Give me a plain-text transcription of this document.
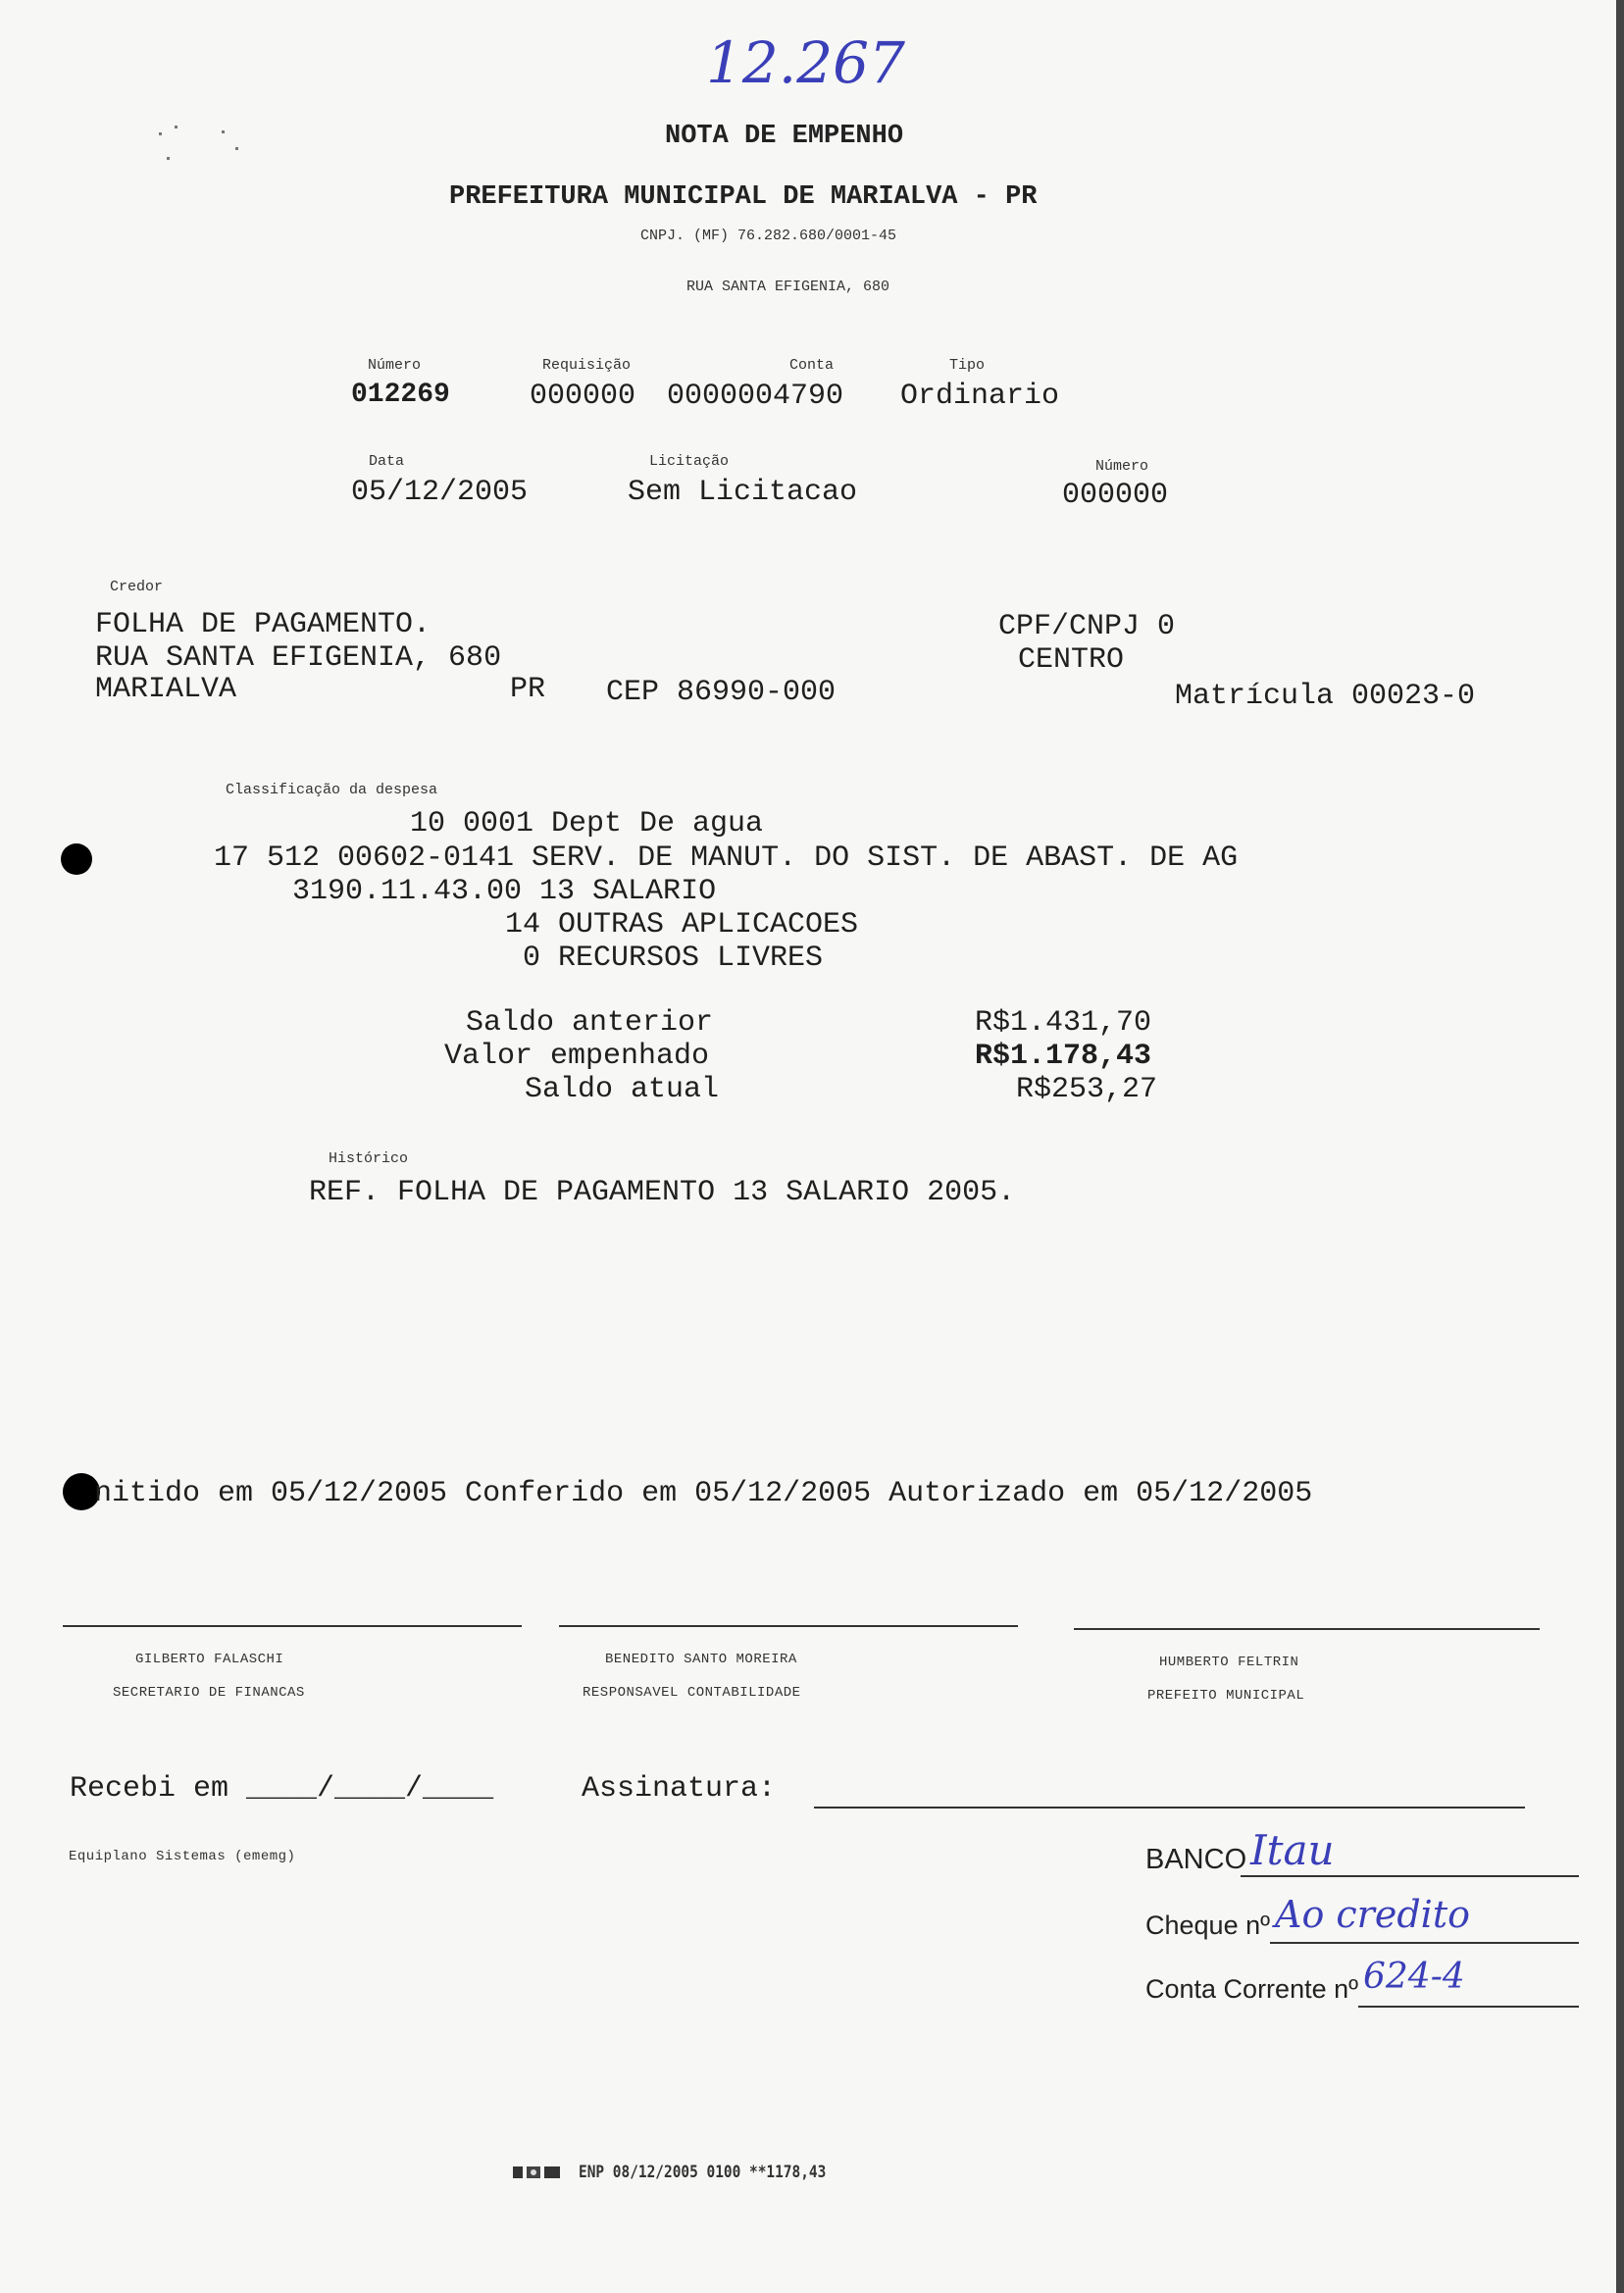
12.267
NOTA DE EMPENHO
PREFEITURA MUNICIPAL DE MARIALVA - PR
CNPJ. (MF) 76.282.680/0001-45
RUA SANTA EFIGENIA, 680
Número
012269
Requisição
000000
Conta
0000004790
Tipo
Ordinario
Data
05/12/2005
Licitação
Sem Licitacao
Número
000000
Credor
FOLHA DE PAGAMENTO.
RUA SANTA EFIGENIA, 680
MARIALVA	PR CEP 86990-000
CPF/CNPJ 0
CENTRO
Matrícula 00023-0
Classificação da despesa
10 0001 Dept De agua
17 512 00602-0141 SERV. DE MANUT. DO SIST. DE ABAST. DE AG
3190.11.43.00 13 SALARIO
14 OUTRAS APLICACOES
0 RECURSOS LIVRES
Saldo anterior	R$1.431,70
Valor empenhado	R$1.178,43
Saldo atual	R$253,27
Histórico
REF. FOLHA DE PAGAMENTO 13 SALARIO 2005.
nitido em 05/12/2005 Conferido em 05/12/2005 Autorizado em 05/12/2005
GILBERTO FALASCHI
SECRETARIO DE FINANCAS
BENEDITO SANTO MOREIRA
RESPONSAVEL CONTABILIDADE
HUMBERTO FELTRIN
PREFEITO MUNICIPAL
Recebi em ____/____/____	Assinatura:
Equiplano Sistemas (ememg)	BANCO Itau
Cheque nº Ao credito
Conta Corrente nº 624-4
ENP 08/12/2005 0100 **1178,43
